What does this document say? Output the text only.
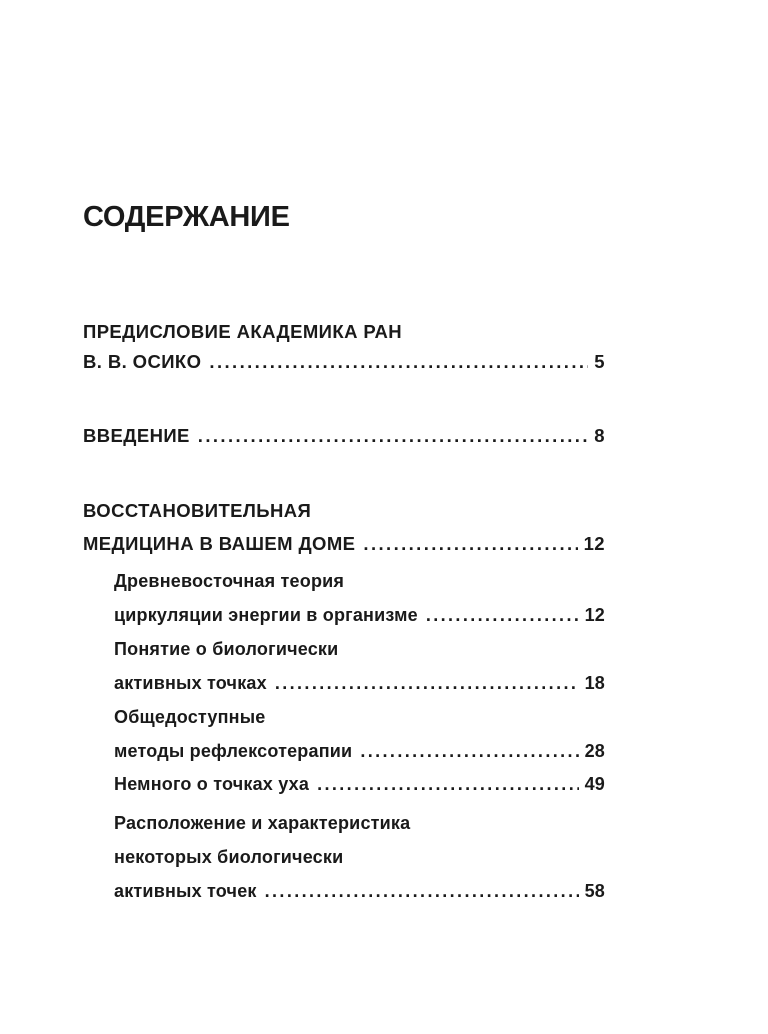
СОДЕРЖАНИЕ
ПРЕДИСЛОВИЕ АКАДЕМИКА РАН
В. В. ОСИКО .....	5
ВВЕДЕНИЕ .....	8
ВОССТАНОВИТЕЛЬНАЯ
МЕДИЦИНА В ВАШЕМ ДОМЕ .....	12
Древневосточная теория
циркуляции энергии в организме .....	12
Понятие о биологически
активных точках .....	18
Общедоступные
методы рефлексотерапии .....	28
Немного о точках уха .....	49
Расположение и характеристика
некоторых биологически
активных точек .....	58
